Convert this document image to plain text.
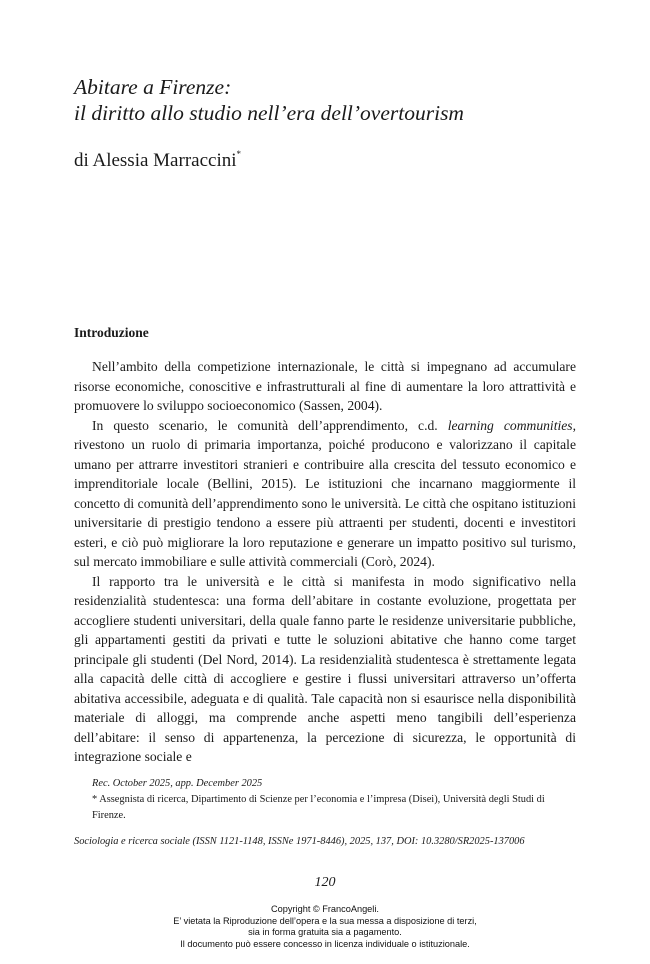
Abitare a Firenze:
il diritto allo studio nell’era dell’overtourism

di Alessia Marraccini*

Introduzione

Nell’ambito della competizione internazionale, le città si impegnano ad accumulare risorse economiche, conoscitive e infrastrutturali al fine di aumentare la loro attrattività e promuovere lo sviluppo socioeconomico (Sassen, 2004).

In questo scenario, le comunità dell’apprendimento, c.d. learning communities, rivestono un ruolo di primaria importanza, poiché producono e valorizzano il capitale umano per attrarre investitori stranieri e contribuire alla crescita del tessuto economico e imprenditoriale locale (Bellini, 2015). Le istituzioni che incarnano maggiormente il concetto di comunità dell’apprendimento sono le università. Le città che ospitano istituzioni universitarie di prestigio tendono a essere più attraenti per studenti, docenti e investitori esteri, e ciò può migliorare la loro reputazione e generare un impatto positivo sul turismo, sul mercato immobiliare e sulle attività commerciali (Corò, 2024).

Il rapporto tra le università e le città si manifesta in modo significativo nella residenzialità studentesca: una forma dell’abitare in costante evoluzione, progettata per accogliere studenti universitari, della quale fanno parte le residenze universitarie pubbliche, gli appartamenti gestiti da privati e tutte le soluzioni abitative che hanno come target principale gli studenti (Del Nord, 2014). La residenzialità studentesca è strettamente legata alla capacità delle città di accogliere e gestire i flussi universitari attraverso un’offerta abitativa accessibile, adeguata e di qualità. Tale capacità non si esaurisce nella disponibilità materiale di alloggi, ma comprende anche aspetti meno tangibili dell’esperienza dell’abitare: il senso di appartenenza, la percezione di sicurezza, le opportunità di integrazione sociale e

Rec. October 2025, app. December 2025
* Assegnista di ricerca, Dipartimento di Scienze per l’economia e l’impresa (Disei), Università degli Studi di Firenze.
Sociologia e ricerca sociale (ISSN 1121-1148, ISSNe 1971-8446), 2025, 137, DOI: 10.3280/SR2025-137006
120
Copyright © FrancoAngeli.
E’ vietata la Riproduzione dell’opera e la sua messa a disposizione di terzi,
sia in forma gratuita sia a pagamento.
Il documento può essere concesso in licenza individuale o istituzionale.
